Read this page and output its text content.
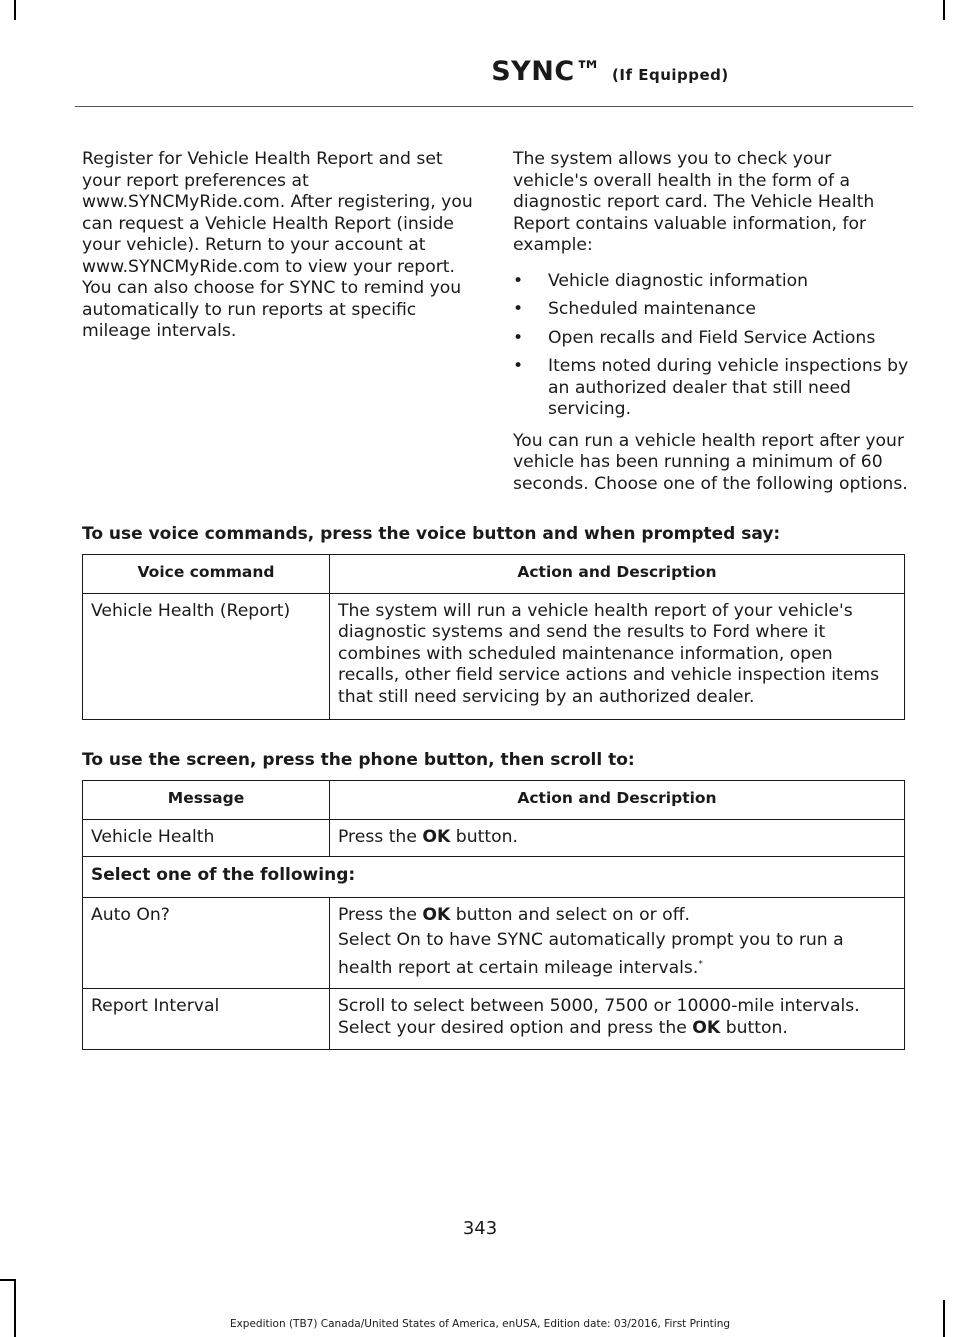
SYNC™ (If Equipped)

Register for Vehicle Health Report and set your report preferences at www.SYNCMyRide.com. After registering, you can request a Vehicle Health Report (inside your vehicle). Return to your account at www.SYNCMyRide.com to view your report. You can also choose for SYNC to remind you automatically to run reports at specific mileage intervals.

The system allows you to check your vehicle's overall health in the form of a diagnostic report card. The Vehicle Health Report contains valuable information, for example:

• Vehicle diagnostic information
• Scheduled maintenance
• Open recalls and Field Service Actions
• Items noted during vehicle inspections by an authorized dealer that still need servicing.

You can run a vehicle health report after your vehicle has been running a minimum of 60 seconds. Choose one of the following options.

To use voice commands, press the voice button and when prompted say:
Voice command	Action and Description
Vehicle Health (Report)	The system will run a vehicle health report of your vehicle's diagnostic systems and send the results to Ford where it combines with scheduled maintenance information, open recalls, other field service actions and vehicle inspection items that still need servicing by an authorized dealer.
To use the screen, press the phone button, then scroll to:
Message	Action and Description
Vehicle Health	Press the OK button.
Select one of the following:	
Auto On?	Press the OK button and select on or off.
Select On to have SYNC automatically prompt you to run a health report at certain mileage intervals.*

Report Interval	Scroll to select between 5000, 7500 or 10000-mile intervals.
Select your desired option and press the OK button.
343
Expedition (TB7) Canada/United States of America, enUSA, Edition date: 03/2016, First Printing
